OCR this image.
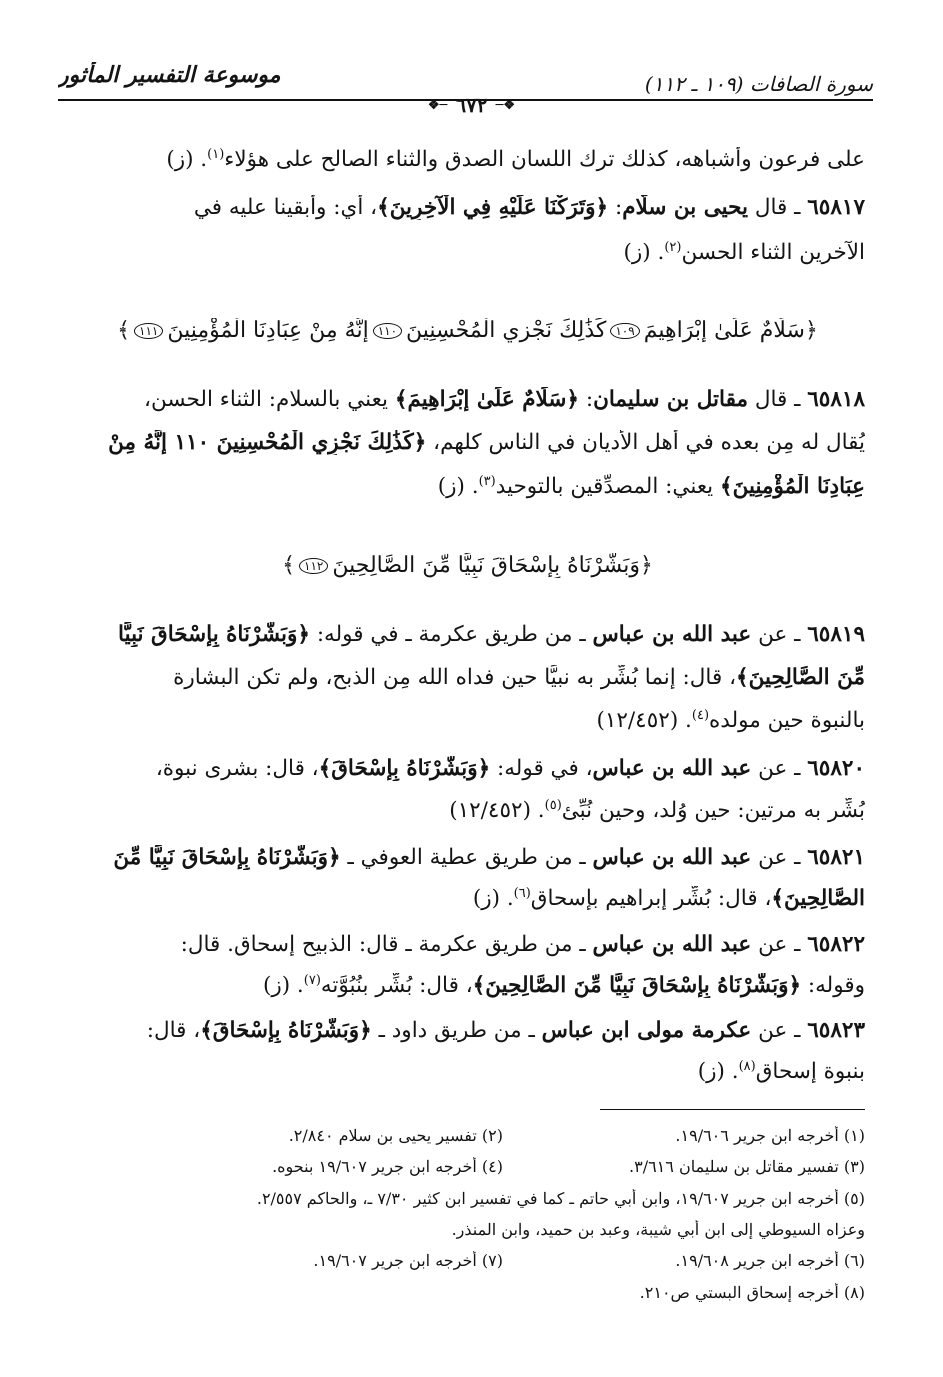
موسوعة التفسير المأثور	سورة الصافات (١٠٩ ـ ١١٢)
❖─ ٦٧٢ ─❖
على فرعون وأشباهه، كذلك ترك اللسان الصدق والثناء الصالح على هؤلاء$^{(١)}$. (ز)
٦٥٨١٧ ـ قال يحيى بن سلّام: ﴿وَتَرَكْنَا عَلَيْهِ فِي الْآخِرِينَ﴾، أي: وأبقينا عليه في
الآخرين الثناء الحسن$^{(٢)}$. (ز)
﴿سَلَامٌ عَلَىٰ إِبْرَاهِيمَ١٠٩كَذَٰلِكَ نَجْزِي الْمُحْسِنِينَ١١٠إِنَّهُ مِنْ عِبَادِنَا الْمُؤْمِنِينَ١١١﴾
٦٥٨١٨ ـ قال مقاتل بن سليمان: ﴿سَلَامٌ عَلَىٰ إِبْرَاهِيمَ﴾ يعني بالسلام: الثناء الحسن،
يُقال له مِن بعده في أهل الأديان في الناس كلهم، ﴿كَذَٰلِكَ نَجْزِي الْمُحْسِنِينَ ١١٠ إِنَّهُ مِنْ
عِبَادِنَا الْمُؤْمِنِينَ﴾ يعني: المصدِّقين بالتوحيد$^{(٣)}$. (ز)
﴿وَبَشَّرْنَاهُ بِإِسْحَاقَ نَبِيًّا مِّنَ الصَّالِحِينَ١١٢﴾
٦٥٨١٩ ـ عن عبد الله بن عباس ـ من طريق عكرمة ـ في قوله: ﴿وَبَشَّرْنَاهُ بِإِسْحَاقَ نَبِيًّا
مِّنَ الصَّالِحِينَ﴾، قال: إنما بُشِّر به نبيًّا حين فداه الله مِن الذبح، ولم تكن البشارة
بالنبوة حين مولده$^{(٤)}$. (١٢/٤٥٢)
٦٥٨٢٠ ـ عن عبد الله بن عباس، في قوله: ﴿وَبَشَّرْنَاهُ بِإِسْحَاقَ﴾، قال: بشرى نبوة،
بُشِّر به مرتين: حين وُلد، وحين نُبِّئ$^{(٥)}$. (١٢/٤٥٢)
٦٥٨٢١ ـ عن عبد الله بن عباس ـ من طريق عطية العوفي ـ ﴿وَبَشَّرْنَاهُ بِإِسْحَاقَ نَبِيًّا مِّنَ
الصَّالِحِينَ﴾، قال: بُشِّر إبراهيم بإسحاق$^{(٦)}$. (ز)
٦٥٨٢٢ ـ عن عبد الله بن عباس ـ من طريق عكرمة ـ قال: الذبيح إسحاق. قال:
وقوله: ﴿وَبَشَّرْنَاهُ بِإِسْحَاقَ نَبِيًّا مِّنَ الصَّالِحِينَ﴾، قال: بُشِّر بنُبُوَّته$^{(٧)}$. (ز)
٦٥٨٢٣ ـ عن عكرمة مولى ابن عباس ـ من طريق داود ـ ﴿وَبَشَّرْنَاهُ بِإِسْحَاقَ﴾، قال:
بنبوة إسحاق$^{(٨)}$. (ز)
(١) أخرجه ابن جرير ١٩/٦٠٦.
(٢) تفسير يحيى بن سلام ٢/٨٤٠.
(٣) تفسير مقاتل بن سليمان ٣/٦١٦.
(٤) أخرجه ابن جرير ١٩/٦٠٧ بنحوه.
(٥) أخرجه ابن جرير ١٩/٦٠٧، وابن أبي حاتم ـ كما في تفسير ابن كثير ٧/٣٠ ـ، والحاكم ٢/٥٥٧.
وعزاه السيوطي إلى ابن أبي شيبة، وعبد بن حميد، وابن المنذر.
(٦) أخرجه ابن جرير ١٩/٦٠٨.
(٧) أخرجه ابن جرير ١٩/٦٠٧.
(٨) أخرجه إسحاق البستي ص٢١٠.
